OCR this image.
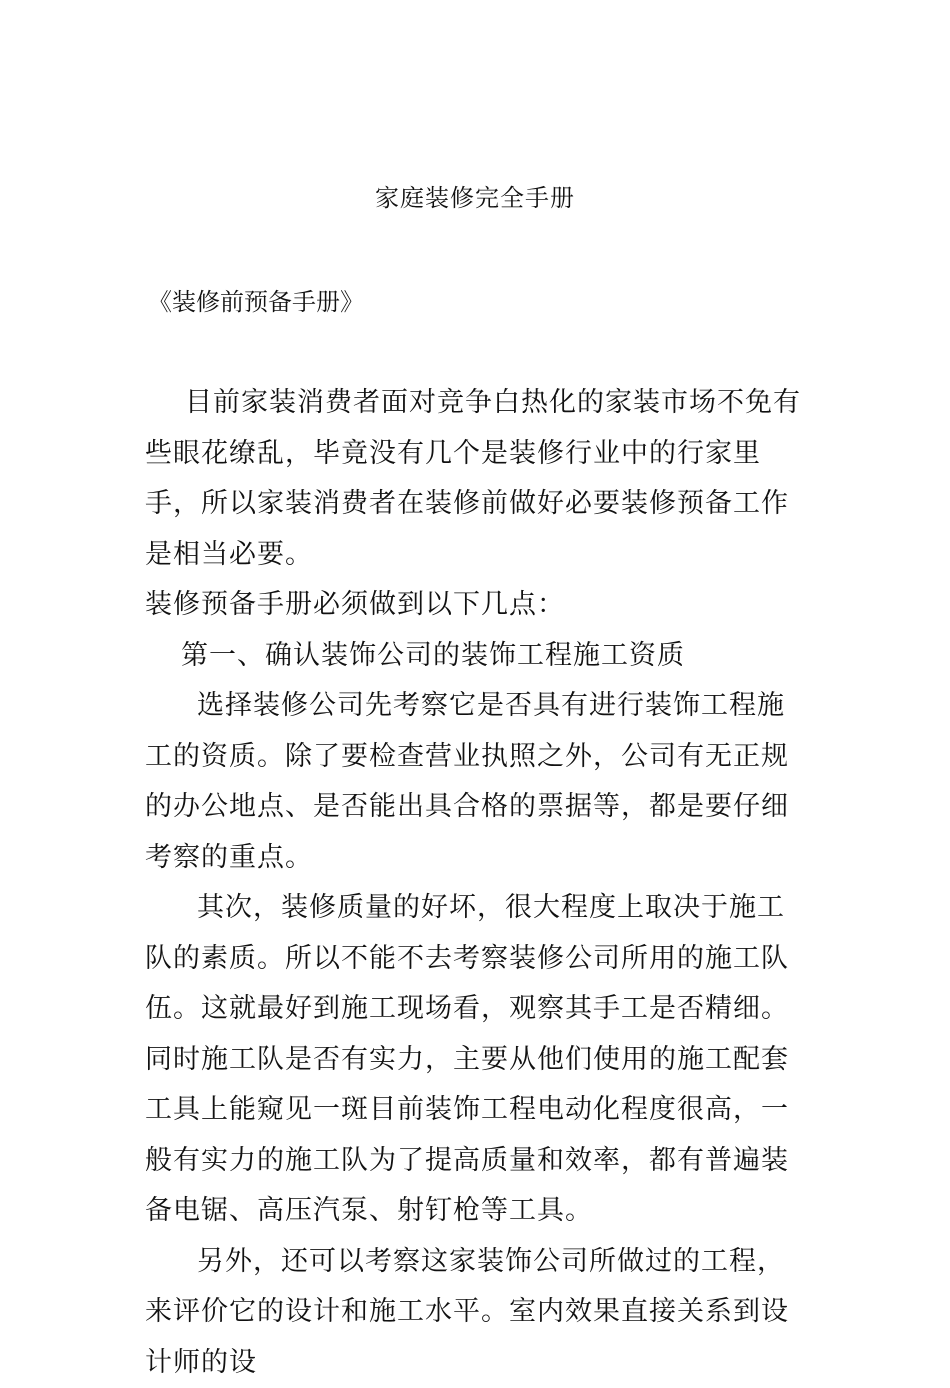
家庭装修完全手册
《装修前预备手册》

目前家装消费者面对竞争白热化的家装市场不免有些眼花缭乱，毕竟没有几个是装修行业中的行家里手，所以家装消费者在装修前做好必要装修预备工作是相当必要。

装修预备手册必须做到以下几点：

第一、确认装饰公司的装饰工程施工资质

选择装修公司先考察它是否具有进行装饰工程施工的资质。除了要检查营业执照之外，公司有无正规的办公地点、是否能出具合格的票据等，都是要仔细考察的重点。

其次，装修质量的好坏，很大程度上取决于施工队的素质。所以不能不去考察装修公司所用的施工队伍。这就最好到施工现场看，观察其手工是否精细。同时施工队是否有实力，主要从他们使用的施工配套工具上能窥见一斑目前装饰工程电动化程度很高，一般有实力的施工队为了提高质量和效率，都有普遍装备电锯、高压汽泵、射钉枪等工具。

另外，还可以考察这家装饰公司所做过的工程，来评价它的设计和施工水平。室内效果直接关系到设计师的设
